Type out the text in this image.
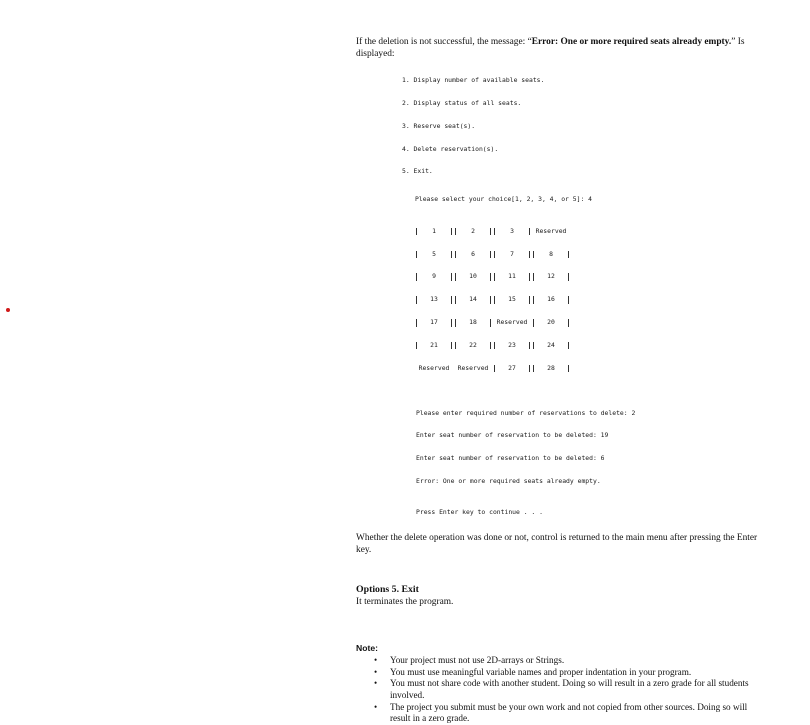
If the deletion is not successful, the message: “Error: One or more required seats already empty.” Is displayed:

1. Display number of available seats.

2. Display status of all seats.

3. Reserve seat(s).

4. Delete reservation(s).

5. Exit.

Please select your choice[1, 2, 3, 4, or 5]: 4

1

5

9

13

17

21

Reserved

2

6

10

14

18

22

Reserved

3

7

11

15

Reserved

23

27

Reserved

8

12

16

20

24

28

Please enter required number of reservations to delete: 2

Enter seat number of reservation to be deleted: 19

Enter seat number of reservation to be deleted: 6

Error: One or more required seats already empty.

Press Enter key to continue . . .

Whether the delete operation was done or not, control is returned to the main menu after pressing the Enter key.

Options 5. Exit

It terminates the program.

Note:
• Your project must not use 2D-arrays or Strings.
• You must use meaningful variable names and proper indentation in your program.
• You must not share code with another student. Doing so will result in a zero grade for all students involved.
• The project you submit must be your own work and not copied from other sources. Doing so will result in a zero grade.
